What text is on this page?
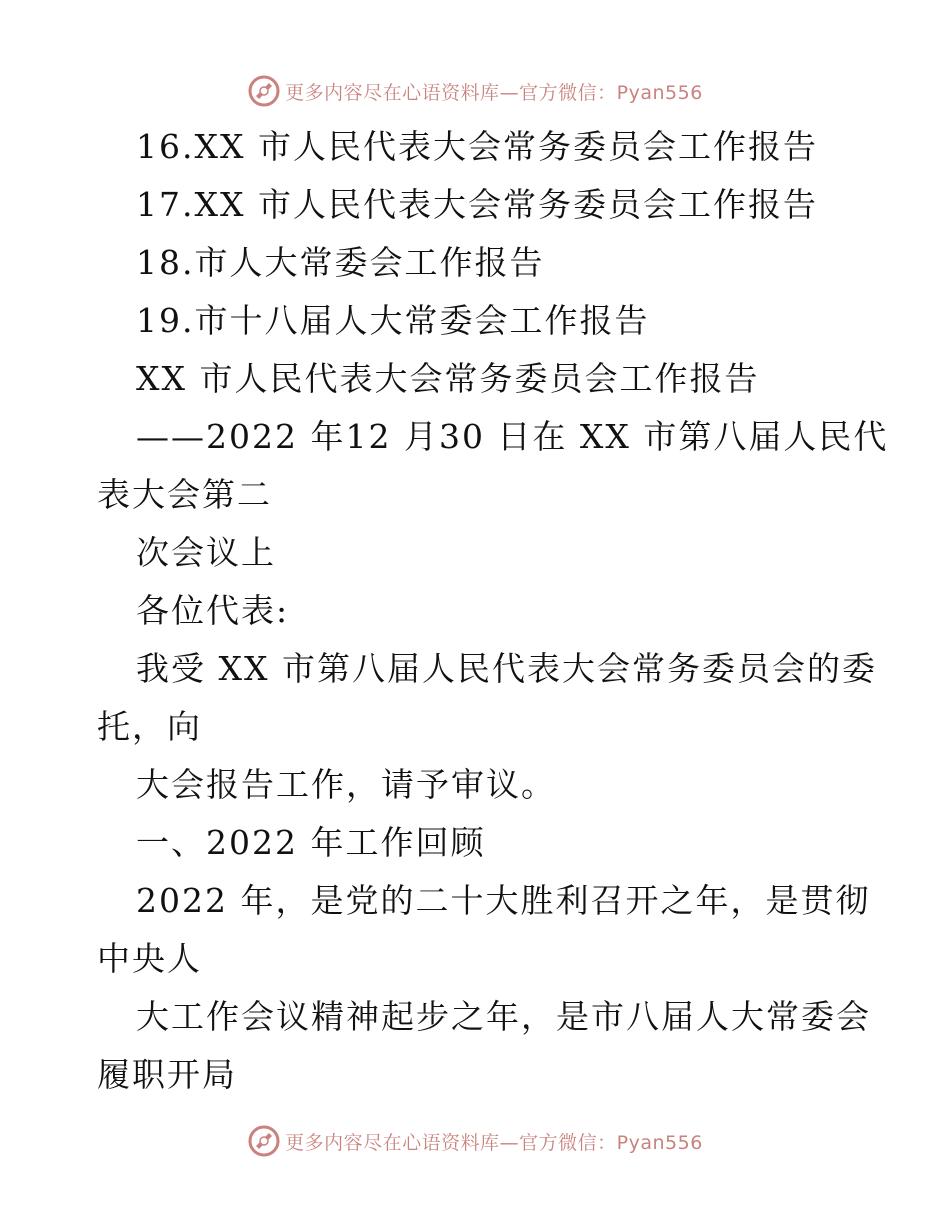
更多内容尽在心语资料库—官方微信：Pyan556
16.XX 市人民代表大会常务委员会工作报告
17.XX 市人民代表大会常务委员会工作报告
18.市人大常委会工作报告
19.市十八届人大常委会工作报告
XX 市人民代表大会常务委员会工作报告
——2022 年12 月30 日在 XX 市第八届人民代
表大会第二
次会议上
各位代表:
我受 XX 市第八届人民代表大会常务委员会的委
托，向
大会报告工作，请予审议。
一、2022 年工作回顾
2022 年，是党的二十大胜利召开之年，是贯彻
中央人
大工作会议精神起步之年，是市八届人大常委会
履职开局
更多内容尽在心语资料库—官方微信：Pyan556
